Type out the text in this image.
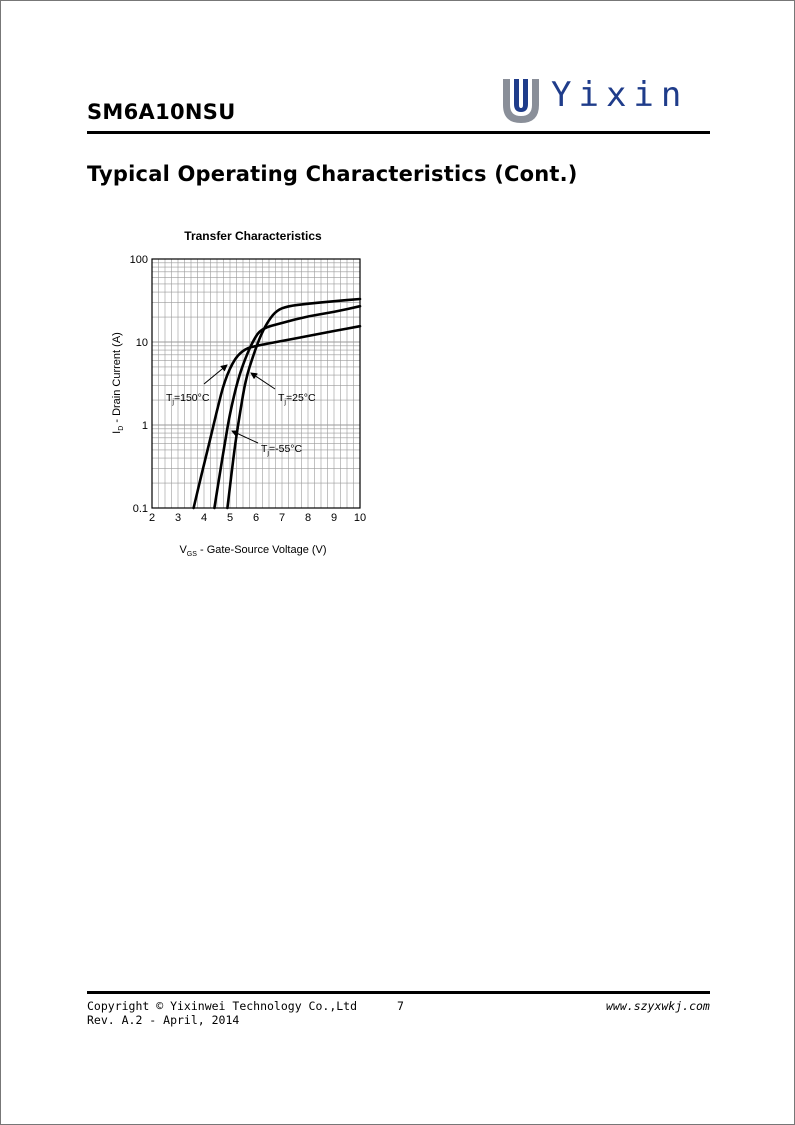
SM6A10NSU	Yixin
Typical Operating Characteristics (Cont.)
Transfer Characteristics
2 3 4 5 6 7 8 9 10
0.1
1
10
100
$T_j=150^\circ C$	$T_j=25^\circ C$
$T_j=-55^\circ C$
$V_{GS}$ - Gate-Source Voltage (V)
$I_D$ - Drain Current (A)
Copyright © Yixinwei Technology Co.,Ltd
Rev. A.2 - April, 2014
7	www.szyxwkj.com
